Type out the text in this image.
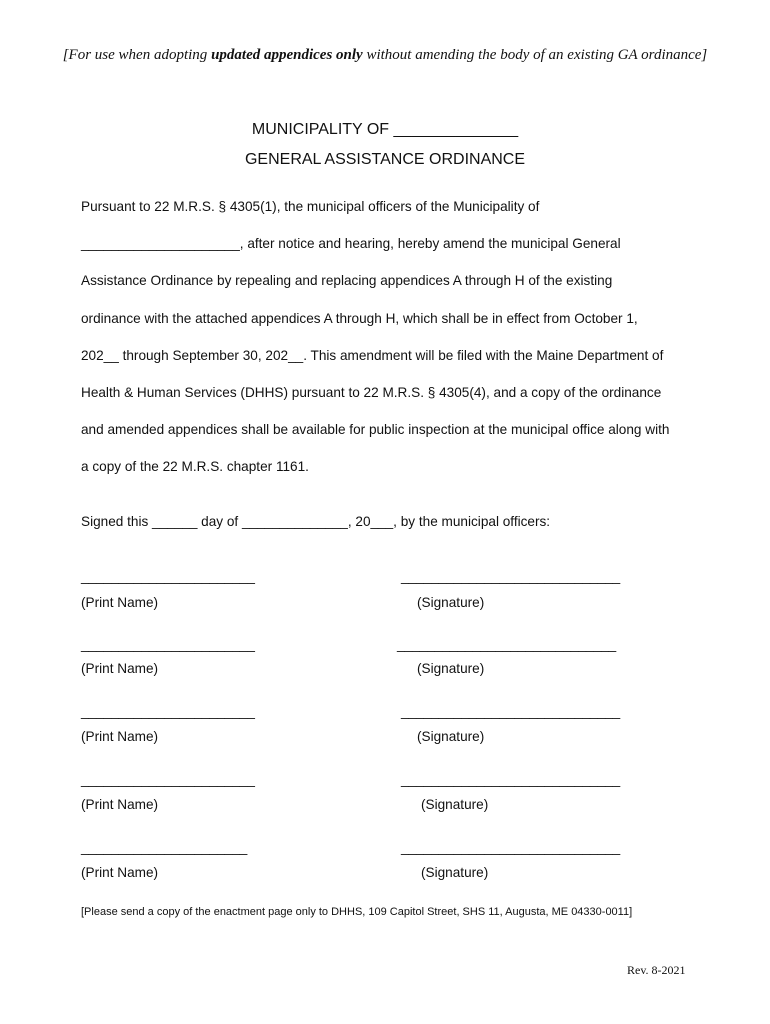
[For use when adopting updated appendices only without amending the body of an existing GA ordinance]
MUNICIPALITY OF ______________
GENERAL ASSISTANCE ORDINANCE
Pursuant to 22 M.R.S. § 4305(1), the municipal officers of the Municipality of
_____________________, after notice and hearing, hereby amend the municipal General
Assistance Ordinance by repealing and replacing appendices A through H of the existing
ordinance with the attached appendices A through H, which shall be in effect from October 1,
202__ through September 30, 202__. This amendment will be filed with the Maine Department of
Health & Human Services (DHHS) pursuant to 22 M.R.S. § 4305(4), and a copy of the ordinance
and amended appendices shall be available for public inspection at the municipal office along with
a copy of the 22 M.R.S. chapter 1161.
Signed this ______ day of ______________, 20___, by the municipal officers:
_______________________	_____________________________
(Print Name)	(Signature)
_______________________	_____________________________
(Print Name)	(Signature)
_______________________	_____________________________
(Print Name)	(Signature)
_______________________	_____________________________
(Print Name)	(Signature)
______________________	_____________________________
(Print Name)	(Signature)
[Please send a copy of the enactment page only to DHHS, 109 Capitol Street, SHS 11, Augusta, ME 04330-0011]
Rev. 8-2021
